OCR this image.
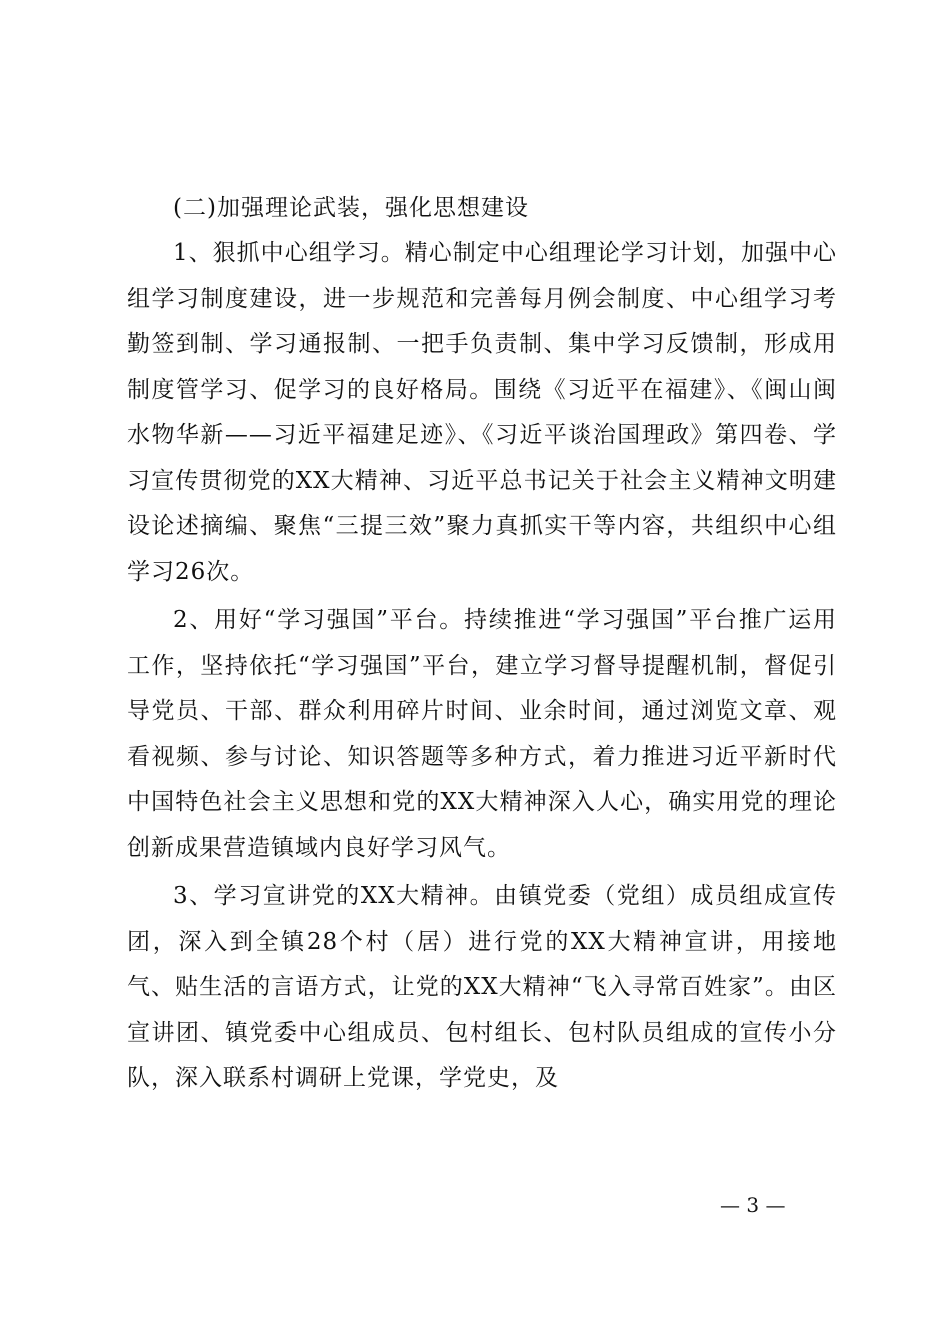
(二)加强理论武装，强化思想建设

1、狠抓中心组学习。精心制定中心组理论学习计划，加强中心组学习制度建设，进一步规范和完善每月例会制度、中心组学习考勤签到制、学习通报制、一把手负责制、集中学习反馈制，形成用制度管学习、促学习的良好格局。围绕《习近平在福建》、《闽山闽水物华新——习近平福建足迹》、《习近平谈治国理政》第四卷、学习宣传贯彻党的XX大精神、习近平总书记关于社会主义精神文明建设论述摘编、聚焦“三提三效”聚力真抓实干等内容，共组织中心组学习26次。

2、用好“学习强国”平台。持续推进“学习强国”平台推广运用工作，坚持依托“学习强国”平台，建立学习督导提醒机制，督促引导党员、干部、群众利用碎片时间、业余时间，通过浏览文章、观看视频、参与讨论、知识答题等多种方式，着力推进习近平新时代中国特色社会主义思想和党的XX大精神深入人心，确实用党的理论创新成果营造镇域内良好学习风气。

3、学习宣讲党的XX大精神。由镇党委（党组）成员组成宣传团，深入到全镇28个村（居）进行党的XX大精神宣讲，用接地气、贴生活的言语方式，让党的XX大精神“飞入寻常百姓家”。由区宣讲团、镇党委中心组成员、包村组长、包村队员组成的宣传小分队，深入联系村调研上党课，学党史，及

— 3 —
